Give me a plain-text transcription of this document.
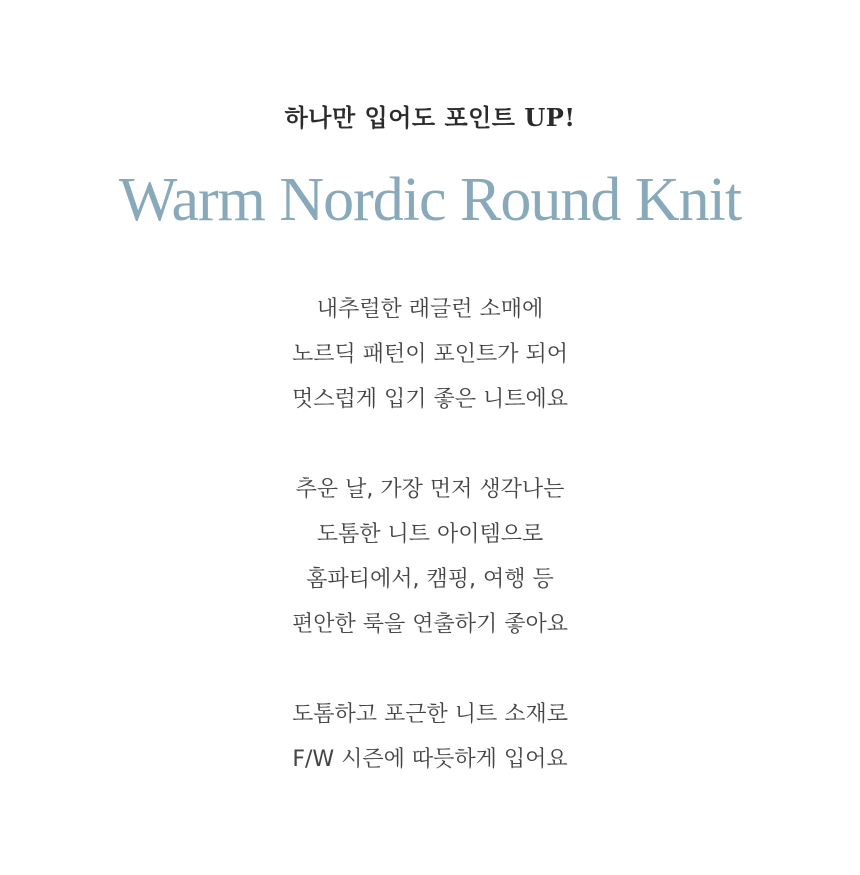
하나만 입어도 포인트 UP!
Warm Nordic Round Knit
내추럴한 래글런 소매에
노르딕 패턴이 포인트가 되어
멋스럽게 입기 좋은 니트에요
추운 날, 가장 먼저 생각나는
도톰한 니트 아이템으로
홈파티에서, 캠핑, 여행 등
편안한 룩을 연출하기 좋아요
도톰하고 포근한 니트 소재로
F/W 시즌에 따듯하게 입어요
